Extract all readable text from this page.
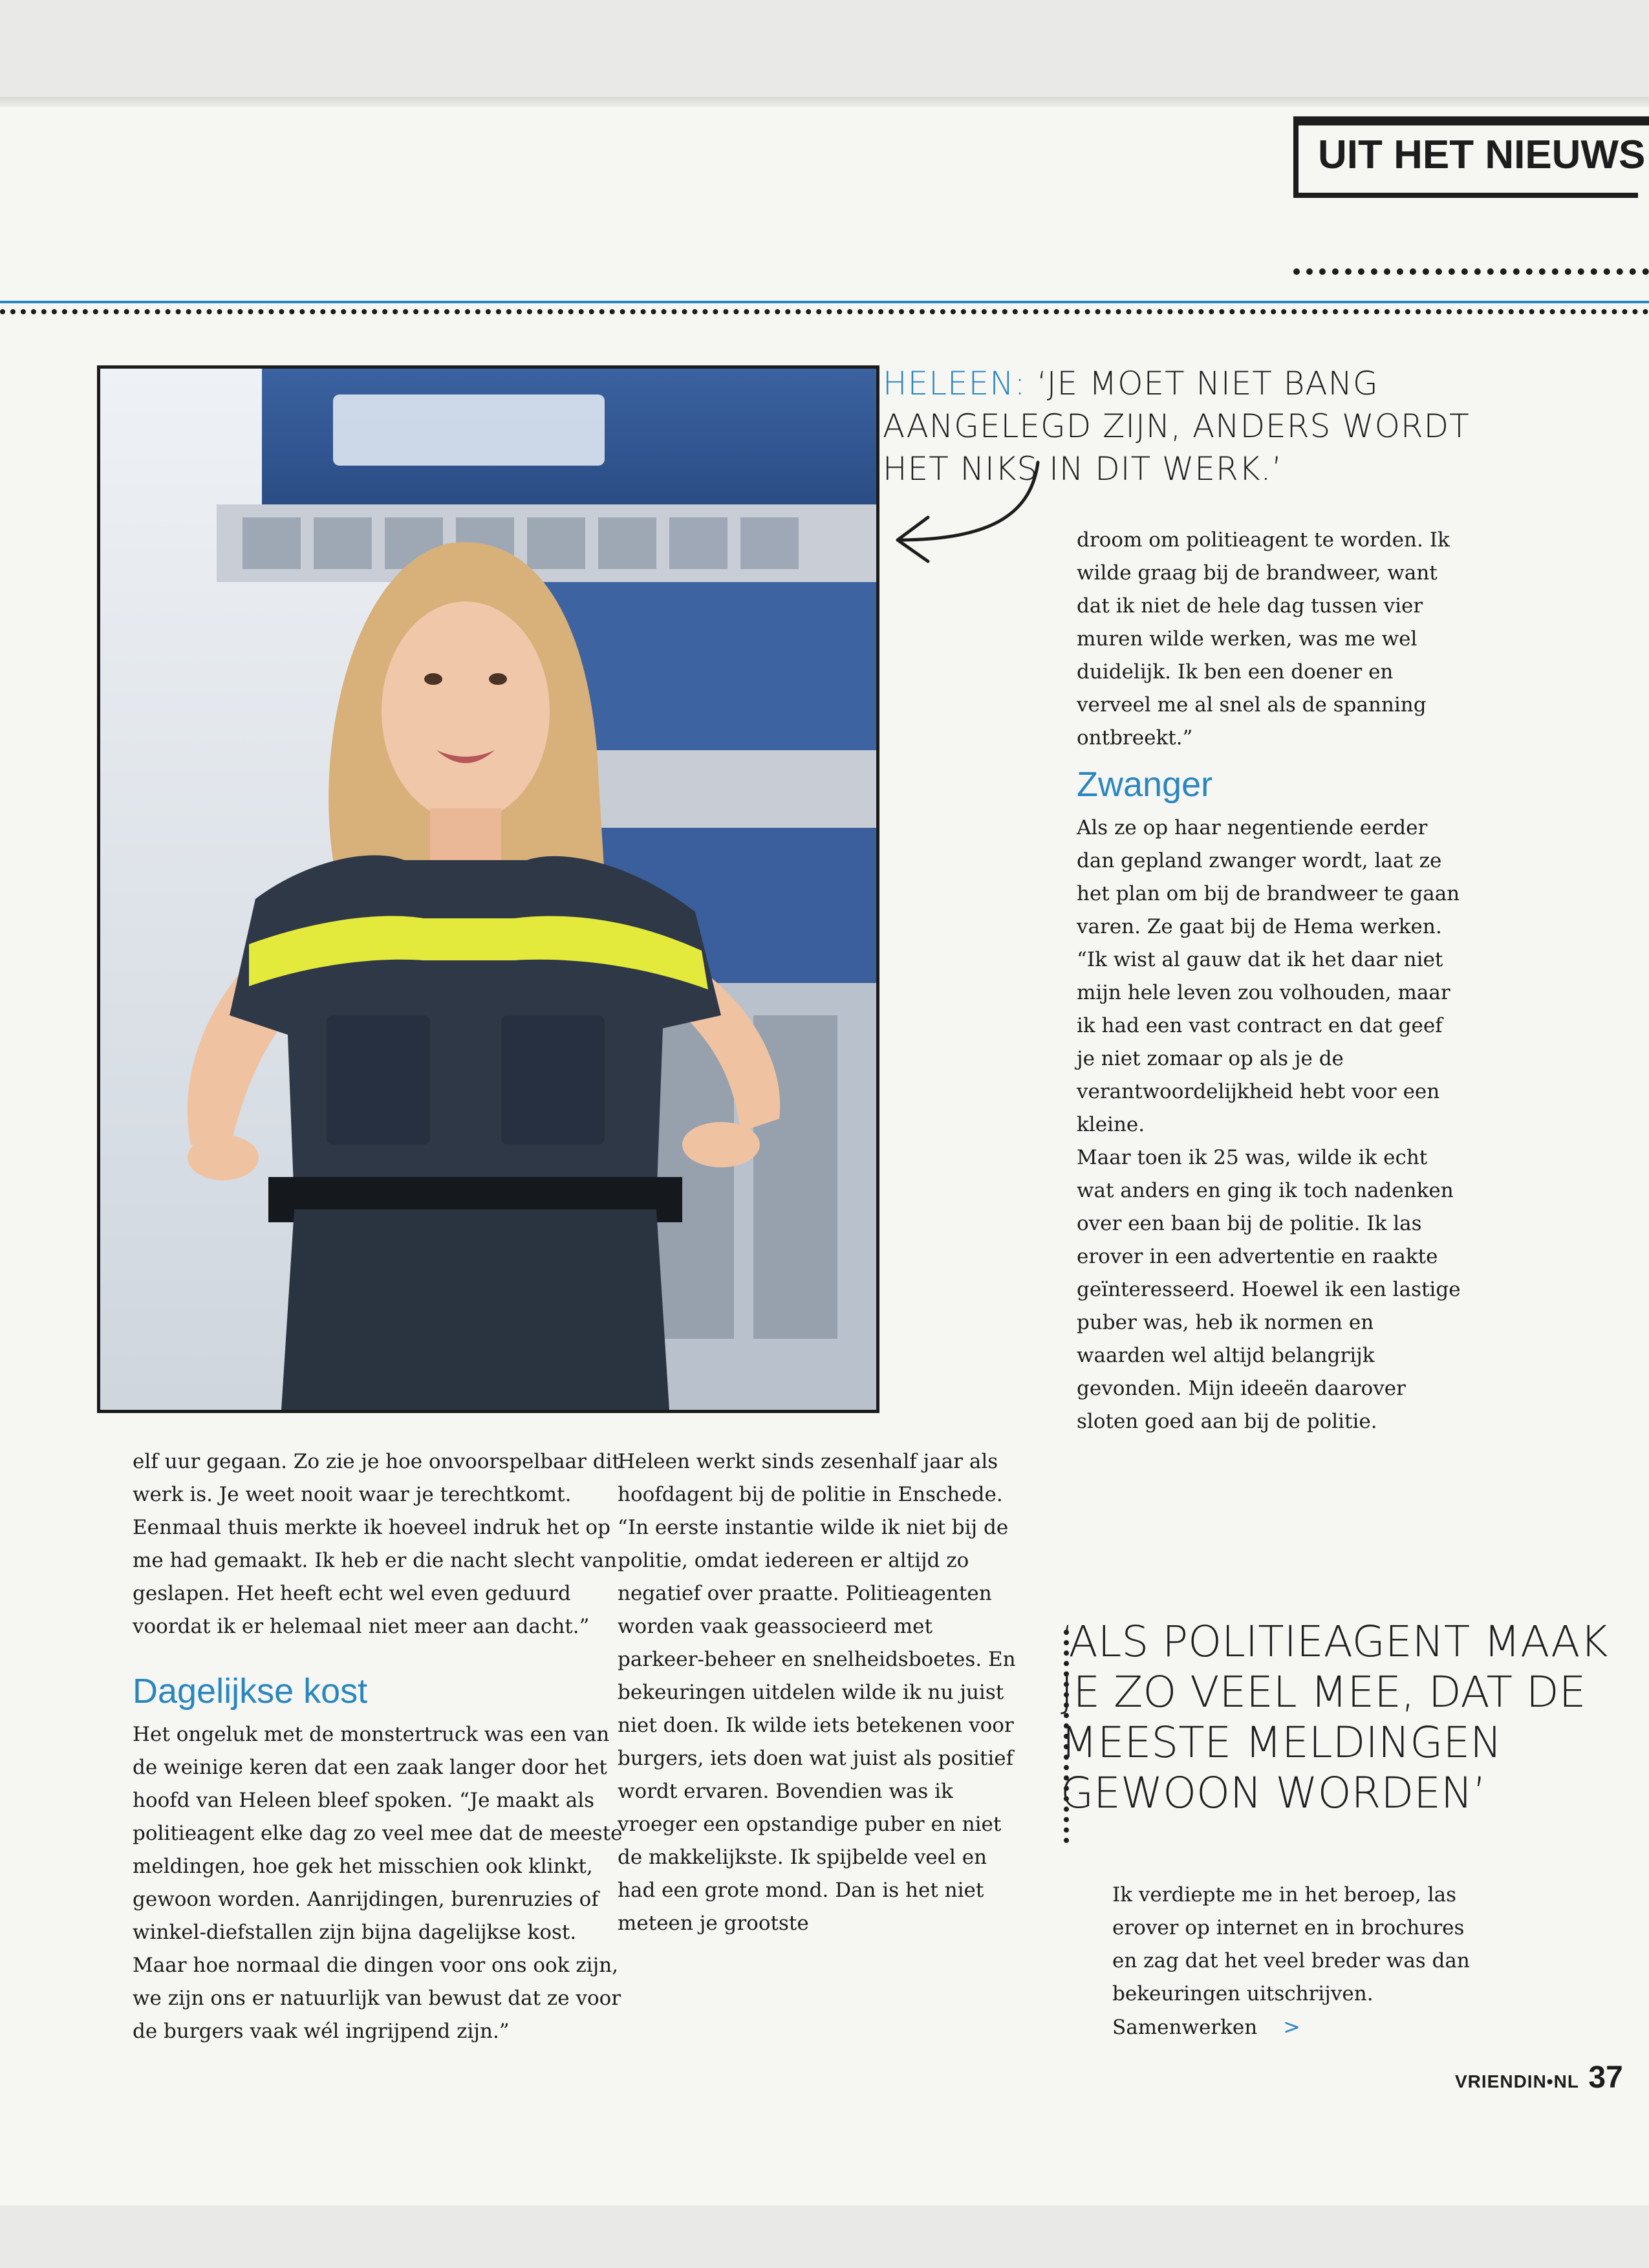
UIT HET NIEUWS
HELEEN: ‘JE MOET NIET BANG AANGELEGD ZIJN, ANDERS WORDT HET NIKS IN DIT WERK.’

droom om politieagent te worden. Ik wilde graag bij de brandweer, want dat ik niet de hele dag tussen vier muren wilde werken, was me wel duidelijk. Ik ben een doener en verveel me al snel als de spanning ontbreekt.”

Zwanger

Als ze op haar negentiende eerder dan gepland zwanger wordt, laat ze het plan om bij de brandweer te gaan varen. Ze gaat bij de Hema werken. “Ik wist al gauw dat ik het daar niet mijn hele leven zou volhouden, maar ik had een vast contract en dat geef je niet zomaar op als je de verantwoordelijkheid hebt voor een kleine.

Maar toen ik 25 was, wilde ik echt wat anders en ging ik toch nadenken over een baan bij de politie. Ik las erover in een advertentie en raakte geïnteresseerd. Hoewel ik een lastige puber was, heb ik normen en waarden wel altijd belangrijk gevonden. Mijn ideeën daarover sloten goed aan bij de politie.

elf uur gegaan. Zo zie je hoe onvoorspelbaar dit werk is. Je weet nooit waar je terechtkomt. Eenmaal thuis merkte ik hoeveel indruk het op me had gemaakt. Ik heb er die nacht slecht van geslapen. Het heeft echt wel even geduurd voordat ik er helemaal niet meer aan dacht.”

Dagelijkse kost

Het ongeluk met de monstertruck was een van de weinige keren dat een zaak langer door het hoofd van Heleen bleef spoken. “Je maakt als politieagent elke dag zo veel mee dat de meeste meldingen, hoe gek het misschien ook klinkt, gewoon worden. Aanrijdingen, burenruzies of winkel-diefstallen zijn bijna dagelijkse kost. Maar hoe normaal die dingen voor ons ook zijn, we zijn ons er natuurlijk van bewust dat ze voor de burgers vaak wél ingrijpend zijn.”

Heleen werkt sinds zesenhalf jaar als hoofdagent bij de politie in Enschede. “In eerste instantie wilde ik niet bij de politie, omdat iedereen er altijd zo negatief over praatte. Politieagenten worden vaak geassocieerd met parkeer-beheer en snelheidsboetes. En bekeuringen uitdelen wilde ik nu juist niet doen. Ik wilde iets betekenen voor burgers, iets doen wat juist als positief wordt ervaren. Bovendien was ik vroeger een opstandige puber en niet de makkelijkste. Ik spijbelde veel en had een grote mond. Dan is het niet meteen je grootste

‘ALS POLITIEAGENT MAAK JE ZO VEEL MEE, DAT DE MEESTE MELDINGEN GEWOON WORDEN’

Ik verdiepte me in het beroep, las erover op internet en in brochures en zag dat het veel breder was dan bekeuringen uitschrijven. Samenwerken >

VRIENDIN•NL 37
